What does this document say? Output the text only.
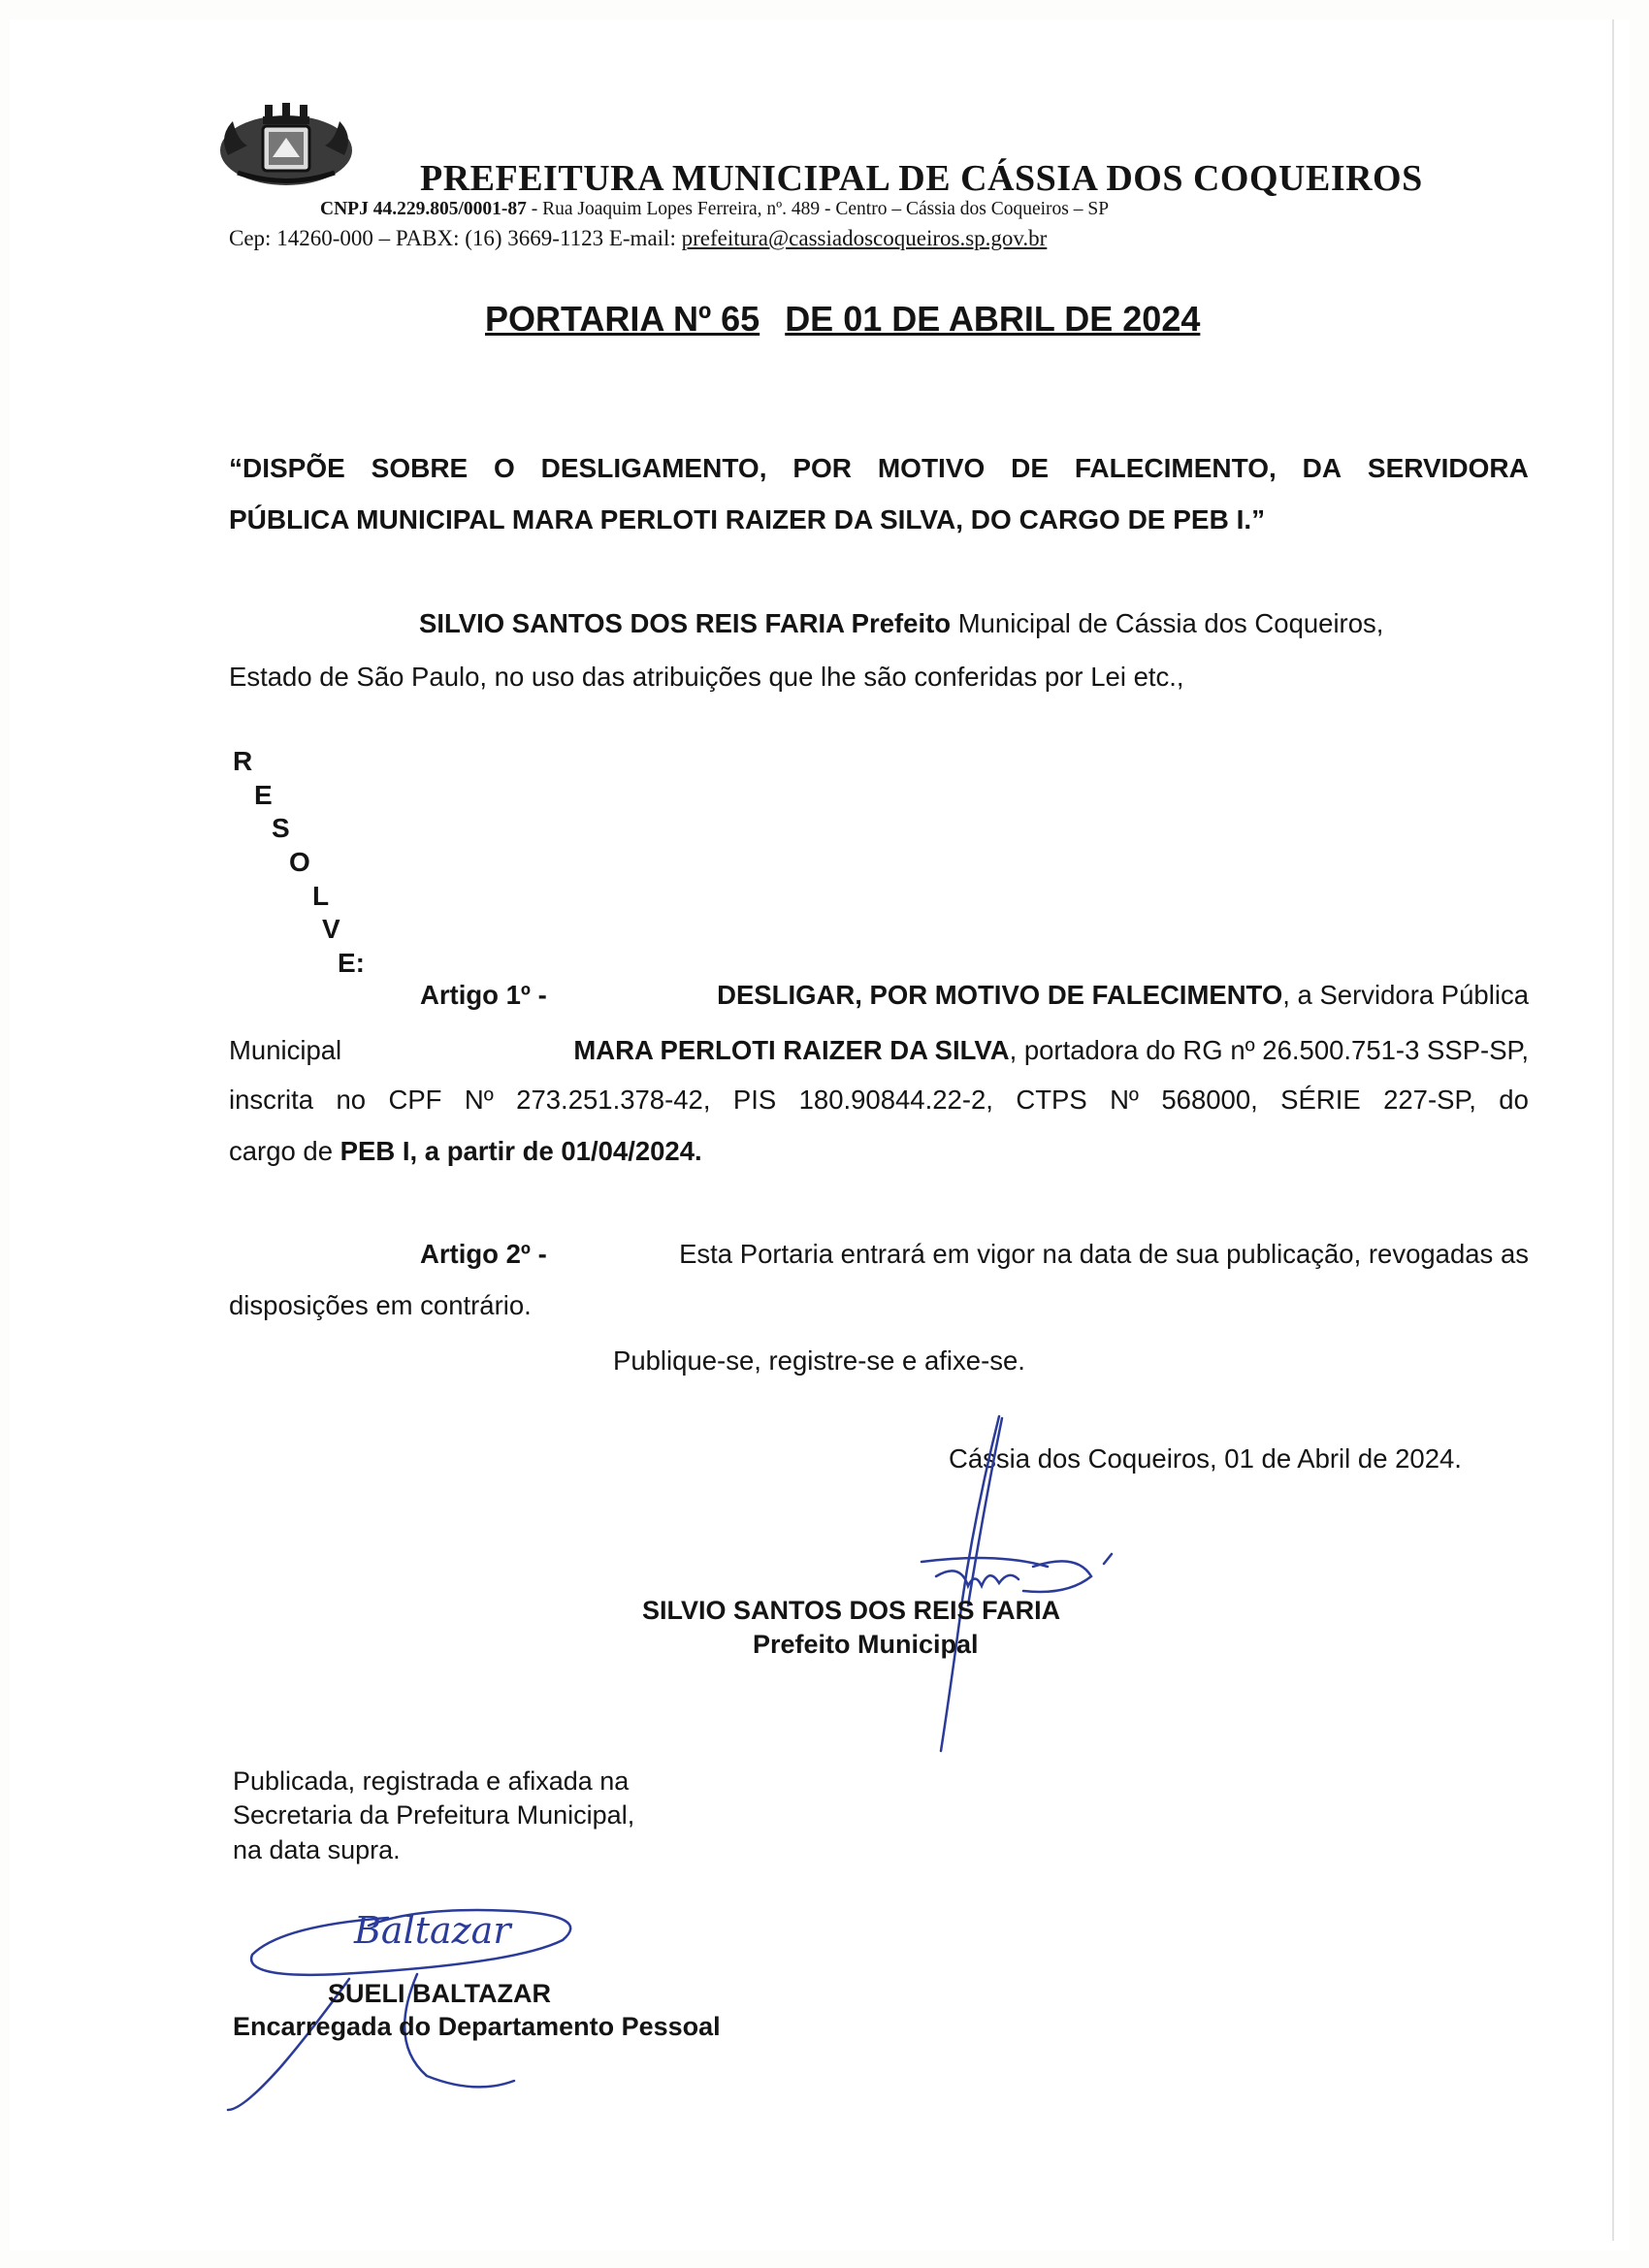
PREFEITURA MUNICIPAL DE CÁSSIA DOS COQUEIROS
CNPJ 44.229.805/0001-87 - Rua Joaquim Lopes Ferreira, nº. 489 - Centro – Cássia dos Coqueiros – SP
Cep: 14260-000 – PABX: (16) 3669-1123 E-mail: prefeitura@cassiadoscoqueiros.sp.gov.br
PORTARIA Nº 65 DE 01 DE ABRIL DE 2024
“DISPÕE SOBRE O DESLIGAMENTO, POR MOTIVO DE FALECIMENTO, DA SERVIDORA
PÚBLICA MUNICIPAL MARA PERLOTI RAIZER DA SILVA, DO CARGO DE PEB I.”
SILVIO SANTOS DOS REIS FARIA Prefeito Municipal de Cássia dos Coqueiros,
Estado de São Paulo, no uso das atribuições que lhe são conferidas por Lei etc.,
R
E
S
O
L
V
E:
Artigo 1º -	DESLIGAR, POR MOTIVO DE FALECIMENTO, a Servidora Pública
Municipal	MARA PERLOTI RAIZER DA SILVA, portadora do RG nº 26.500.751-3 SSP-SP,
inscrita no CPF Nº 273.251.378-42, PIS 180.90844.22-2, CTPS Nº 568000, SÉRIE 227-SP, do
cargo de PEB I, a partir de 01/04/2024.
Artigo 2º -	Esta Portaria entrará em vigor na data de sua publicação, revogadas as
disposições em contrário.
Publique-se, registre-se e afixe-se.
Cássia dos Coqueiros, 01 de Abril de 2024.
SILVIO SANTOS DOS REIS FARIA
Prefeito Municipal
Publicada, registrada e afixada na
Secretaria da Prefeitura Municipal,
na data supra.
Baltazar
SUELI BALTAZAR
Encarregada do Departamento Pessoal
